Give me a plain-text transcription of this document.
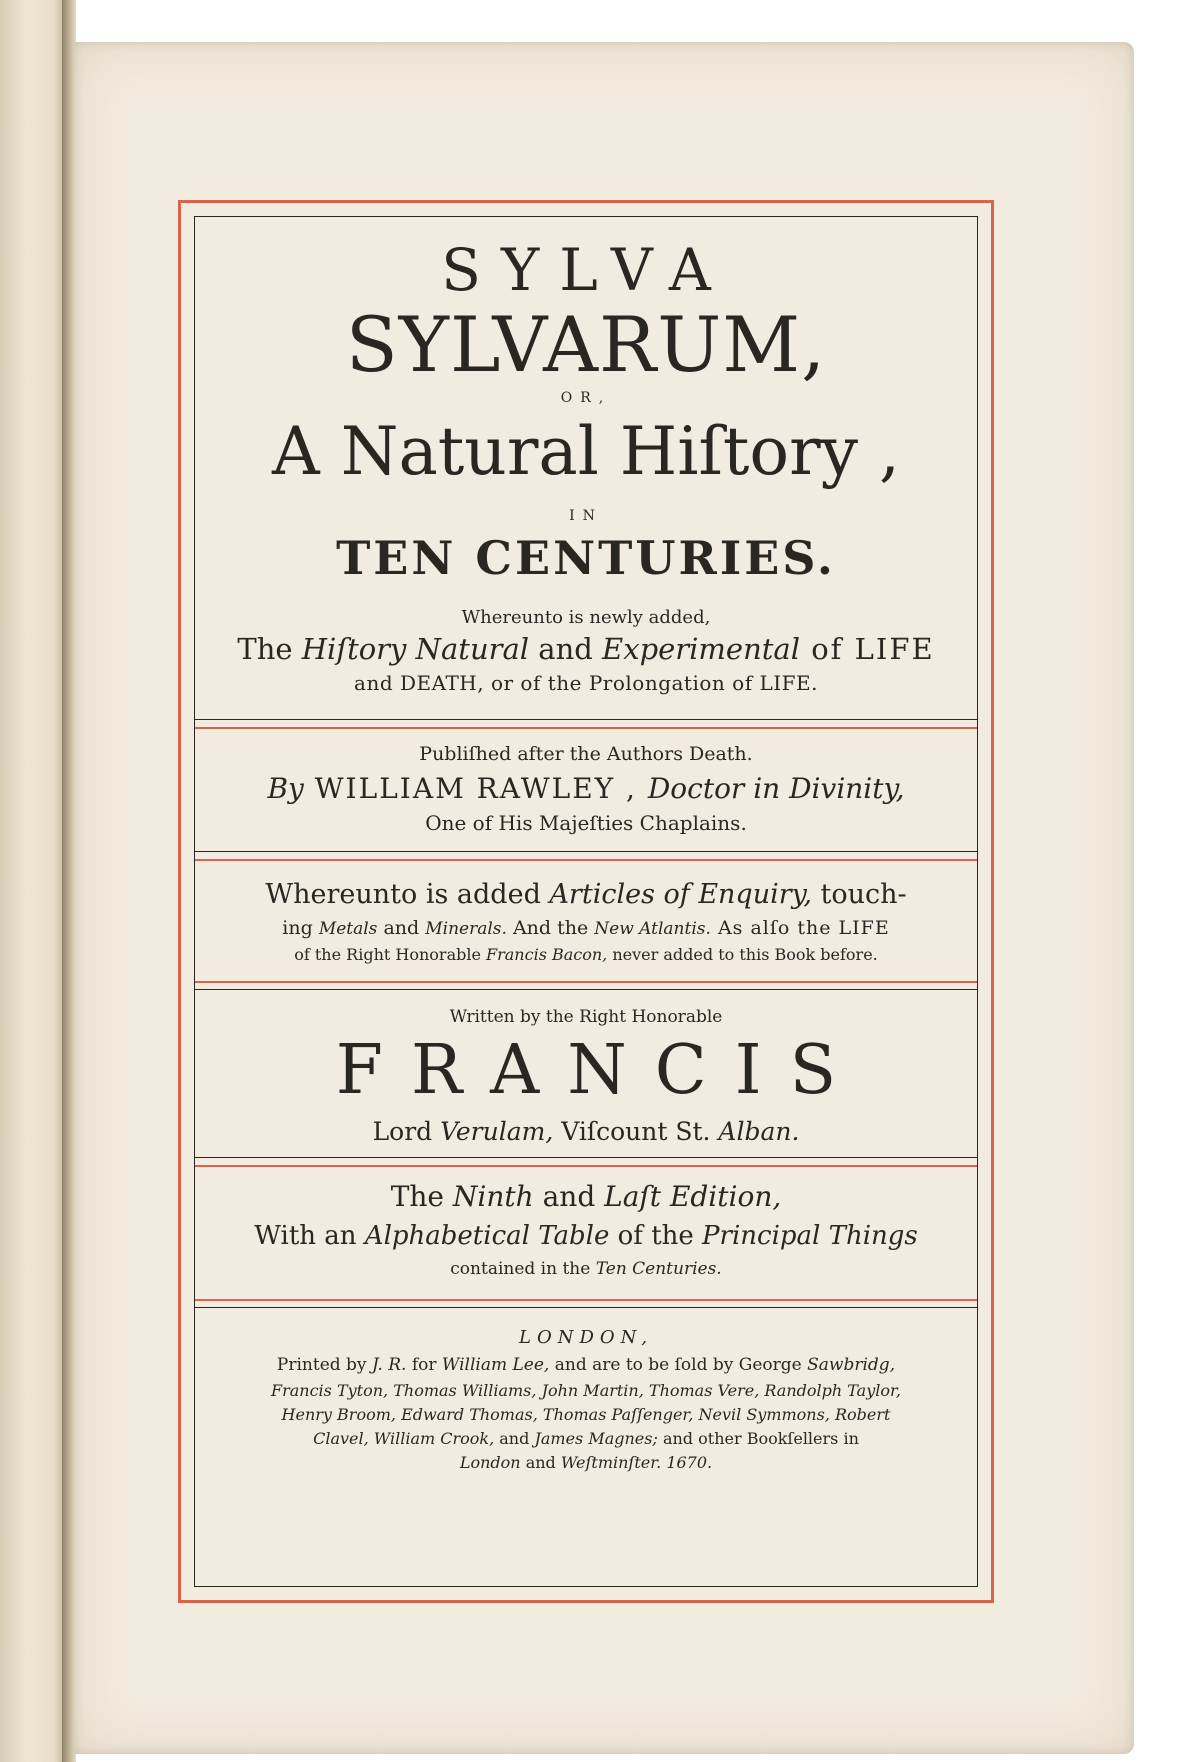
SYLVA
SYLVARUM,
OR,
A Natural Hiſtory ,
IN
TEN CENTURIES.
Whereunto is newly added,
The Hiſtory Natural and Experimental of LIFE
and DEATH, or of the Prolongation of LIFE.
Publiſhed after the Authors Death.
By WILLIAM RAWLEY , Doctor in Divinity,
One of His Majeſties Chaplains.
Whereunto is added Articles of Enquiry, touch-
ing Metals and Minerals. And the New Atlantis. As alſo the LIFE
of the Right Honorable Francis Bacon, never added to this Book before.
Written by the Right Honorable
FRANCIS
Lord Verulam, Viſcount St. Alban.
The Ninth and Laſt Edition,
With an Alphabetical Table of the Principal Things
contained in the Ten Centuries.
LONDON,
Printed by J. R. for William Lee, and are to be ſold by George Sawbridg,
Francis Tyton, Thomas Williams, John Martin, Thomas Vere, Randolph Taylor,
Henry Broom, Edward Thomas, Thomas Paſſenger, Nevil Symmons, Robert
Clavel, William Crook, and James Magnes; and other Bookſellers in
London and Weſtminſter. 1670.
